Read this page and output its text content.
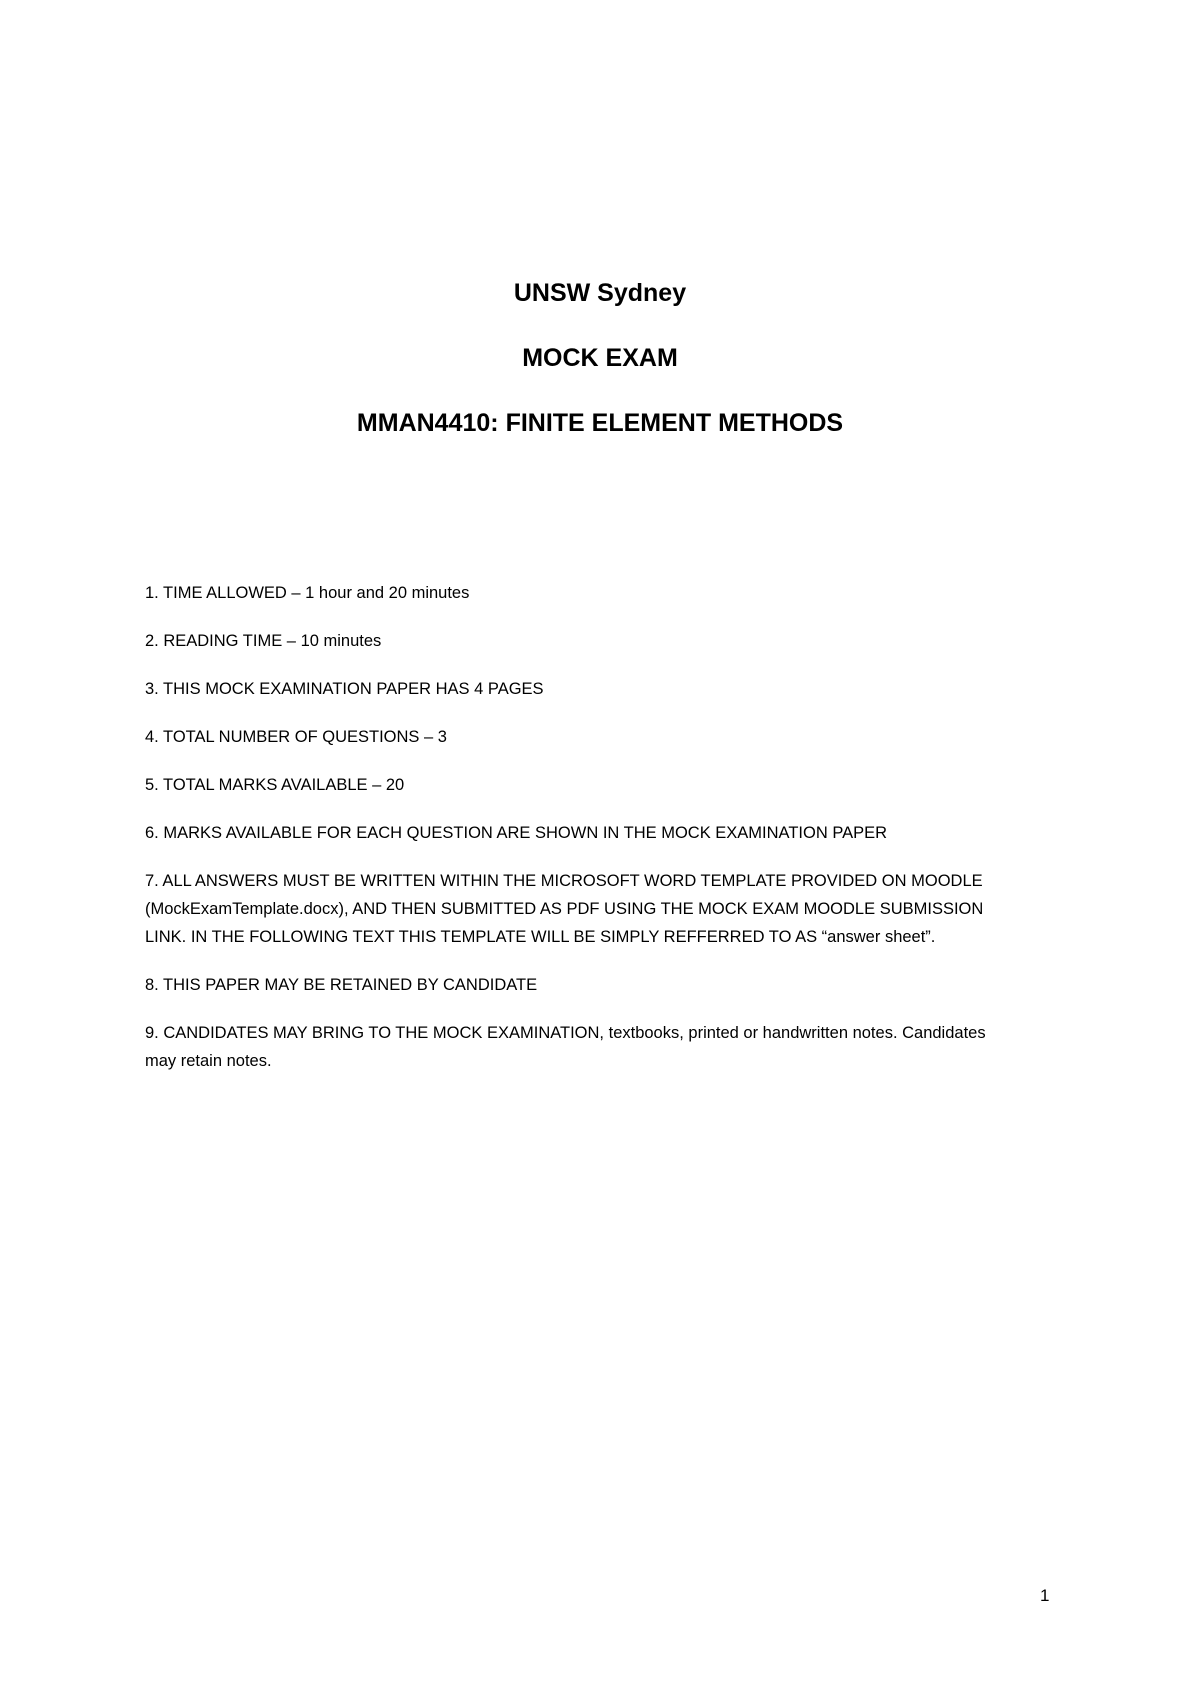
UNSW Sydney
MOCK EXAM
MMAN4410: FINITE ELEMENT METHODS

1. TIME ALLOWED – 1 hour and 20 minutes

2. READING TIME – 10 minutes

3. THIS MOCK EXAMINATION PAPER HAS 4 PAGES

4. TOTAL NUMBER OF QUESTIONS – 3

5. TOTAL MARKS AVAILABLE – 20

6. MARKS AVAILABLE FOR EACH QUESTION ARE SHOWN IN THE MOCK EXAMINATION PAPER

7. ALL ANSWERS MUST BE WRITTEN WITHIN THE MICROSOFT WORD TEMPLATE PROVIDED ON MOODLE (MockExamTemplate.docx), AND THEN SUBMITTED AS PDF USING THE MOCK EXAM MOODLE SUBMISSION LINK. IN THE FOLLOWING TEXT THIS TEMPLATE WILL BE SIMPLY REFFERRED TO AS “answer sheet”.

8. THIS PAPER MAY BE RETAINED BY CANDIDATE

9. CANDIDATES MAY BRING TO THE MOCK EXAMINATION, textbooks, printed or handwritten notes. Candidates may retain notes.

1
